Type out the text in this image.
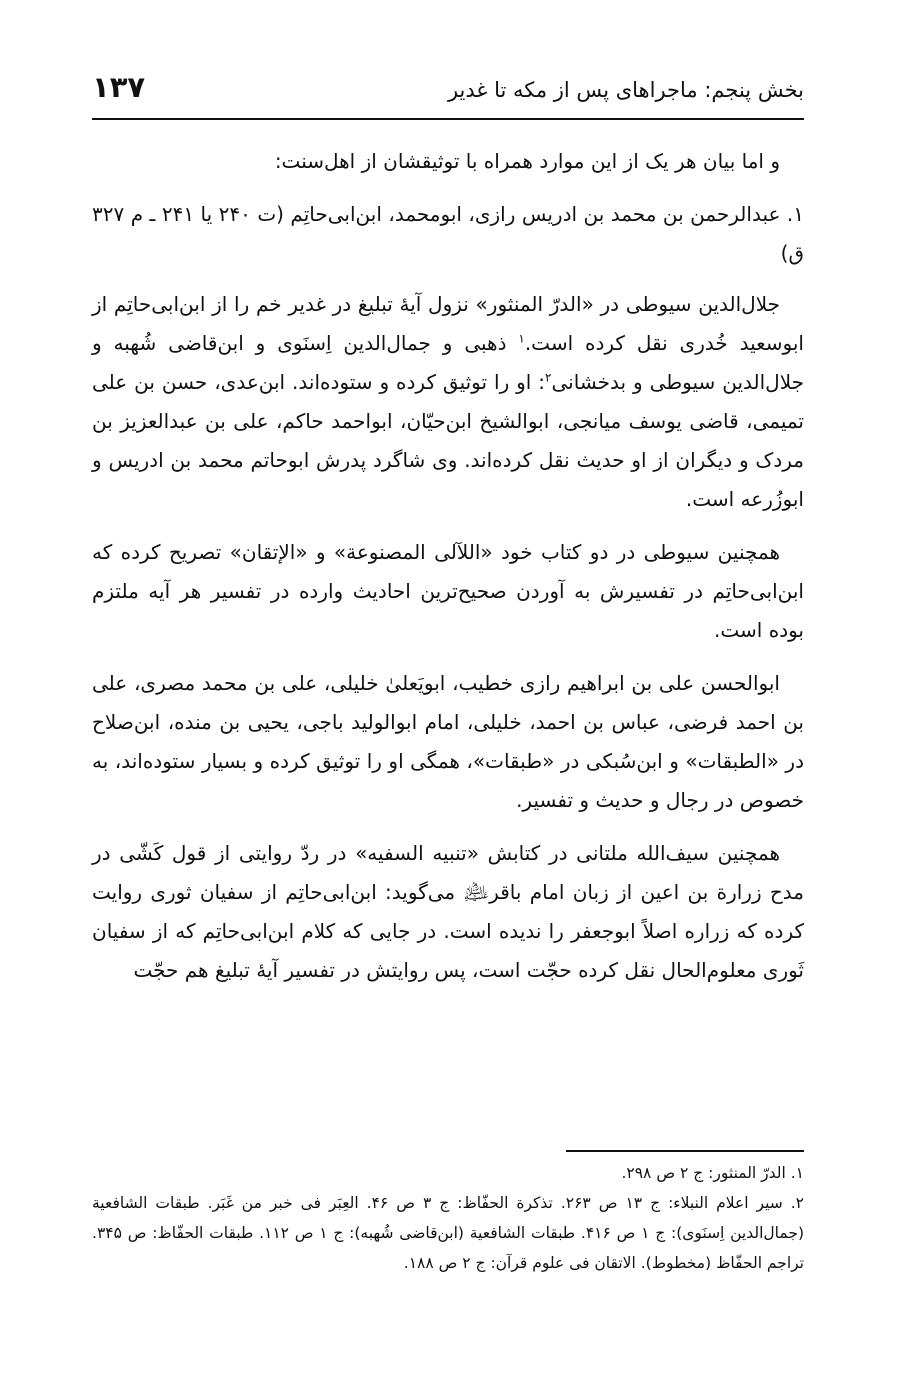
بخش پنجم: ماجراهای پس از مکه تا غدیر
۱۳۷

و اما بیان هر یک از این موارد همراه با توثیقشان از اهل‌سنت:

۱. عبدالرحمن بن محمد بن ادریس رازی، ابومحمد، ابن‌ابی‌حاتِم (ت ۲۴۰ یا ۲۴۱ ـ م ۳۲۷ ق)

جلال‌الدین سیوطی در «الدرّ المنثور» نزول آیهٔ تبلیغ در غدیر خم را از ابن‌ابی‌حاتِم از ابوسعید خُدری نقل کرده است.$^۱$ ذهبی و جمال‌الدین اِسنَوی و ابن‌قاضی شُهبه و جلال‌الدین سیوطی و بدخشانی$^۲$: او را توثیق کرده و ستوده‌اند. ابن‌عدی، حسن بن علی تمیمی، قاضی یوسف میانجی، ابوالشیخ ابن‌حیّان، ابواحمد حاکم، علی بن عبدالعزیز بن مردک و دیگران از او حدیث نقل کرده‌اند. وی شاگرد پدرش ابوحاتم محمد بن ادریس و ابوزُرعه است.

همچنین سیوطی در دو کتاب خود «اللآلی المصنوعة» و «الإتقان» تصریح کرده که ابن‌ابی‌حاتِم در تفسیرش به آوردن صحیح‌ترین احادیث وارده در تفسیر هر آیه ملتزم بوده است.

ابوالحسن علی بن ابراهیم رازی خطیب، ابویَعلیٰ خلیلی، علی بن محمد مصری، علی بن احمد فرضی، عباس بن احمد، خلیلی، امام ابوالولید باجی، یحیی بن منده، ابن‌صلاح در «الطبقات» و ابن‌سُبکی در «طبقات»، همگی او را توثیق کرده و بسیار ستوده‌اند، به خصوص در رجال و حدیث و تفسیر.

همچنین سیف‌الله ملتانی در کتابش «تنبیه السفیه» در ردّ روایتی از قول کَشّی در مدح زرارة بن اعین از زبان امام باقر﵇ می‌گوید: ابن‌ابی‌حاتِم از سفیان ثوری روایت کرده که زراره اصلاً ابوجعفر را ندیده است. در جایی که کلام ابن‌ابی‌حاتِم که از سفیان ثَوری معلوم‌الحال نقل کرده حجّت است، پس روایتش در تفسیر آیهٔ تبلیغ هم حجّت

۱. الدرّ المنثور: ج ۲ ص ۲۹۸.

۲. سیر اعلام النبلاء: ج ۱۳ ص ۲۶۳. تذکرة الحفّاظ: ج ۳ ص ۴۶. العِبَر فی خبر من غَبَر. طبقات الشافعیة (جمال‌الدین اِسنَوی): ج ۱ ص ۴۱۶. طبقات الشافعیة (ابن‌قاضی شُهبه): ج ۱ ص ۱۱۲. طبقات الحفّاظ: ص ۳۴۵. تراجم الحفّاظ (مخطوط). الاتقان فی علوم قرآن: ج ۲ ص ۱۸۸.
